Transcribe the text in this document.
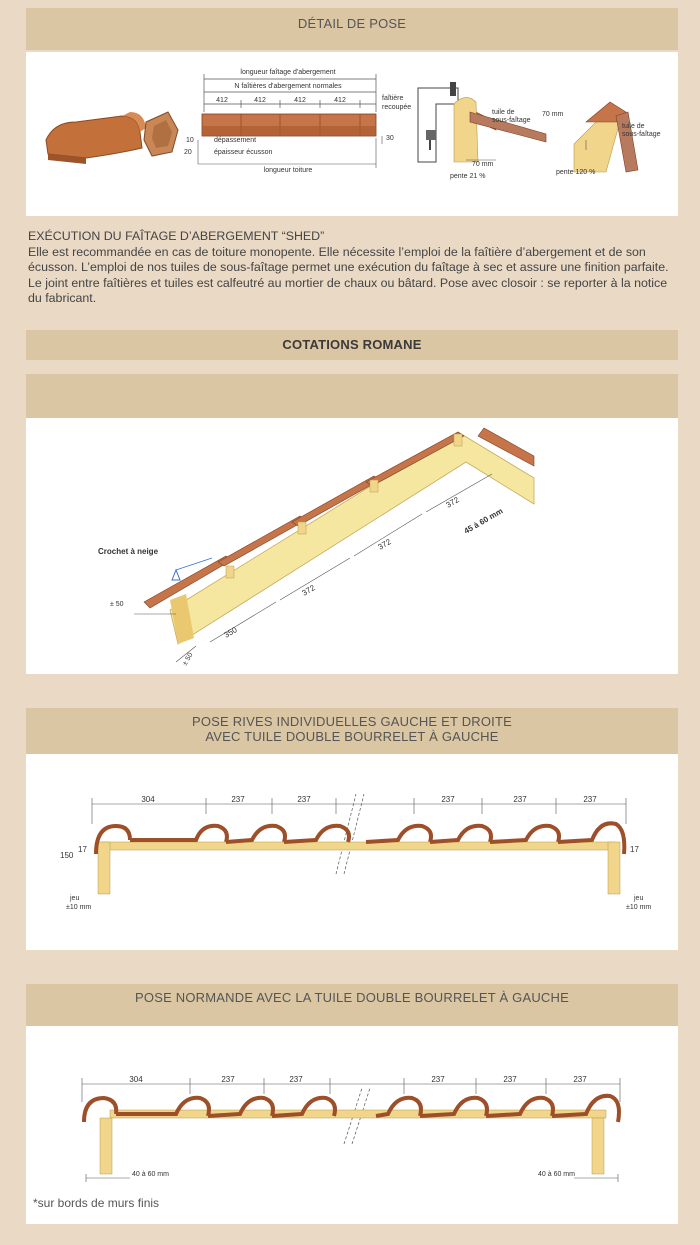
DÉTAIL DE POSE
longueur faîtage d'abergement
N faîtières d'abergement normales
412	412	412	412	faîtière
recoupée
10	dépassement
20	épaisseur écusson
30
longueur toiture
tuile de
sous-faîtage
70 mm
pente 21 %
70 mm
tuile de
sous-faîtage
pente 120 %
EXÉCUTION DU FAÎTAGE D’ABERGEMENT “SHED”
Elle est recommandée en cas de toiture monopente. Elle nécessite l’emploi de la faîtière d’abergement et de son écusson. L’emploi de nos tuiles de sous-faîtage permet une exécution du faîtage à sec et assure une finition parfaite. Le joint entre faîtières et tuiles est calfeutré au mortier de chaux ou bâtard. Pose avec closoir : se reporter à la notice du fabricant.
COTATIONS ROMANE
Crochet à neige
350
372
372
372
45 à 60 mm
± 50
± 50
POSE RIVES INDIVIDUELLES GAUCHE ET DROITE
AVEC TUILE DOUBLE BOURRELET À GAUCHE
304	237	237	237	237	237
150
17	17
jeu
±10 mm
jeu
±10 mm
POSE NORMANDE AVEC LA TUILE DOUBLE BOURRELET À GAUCHE
304	237	237	237	237	237
40 à 60 mm	40 à 60 mm
*sur bords de murs finis
